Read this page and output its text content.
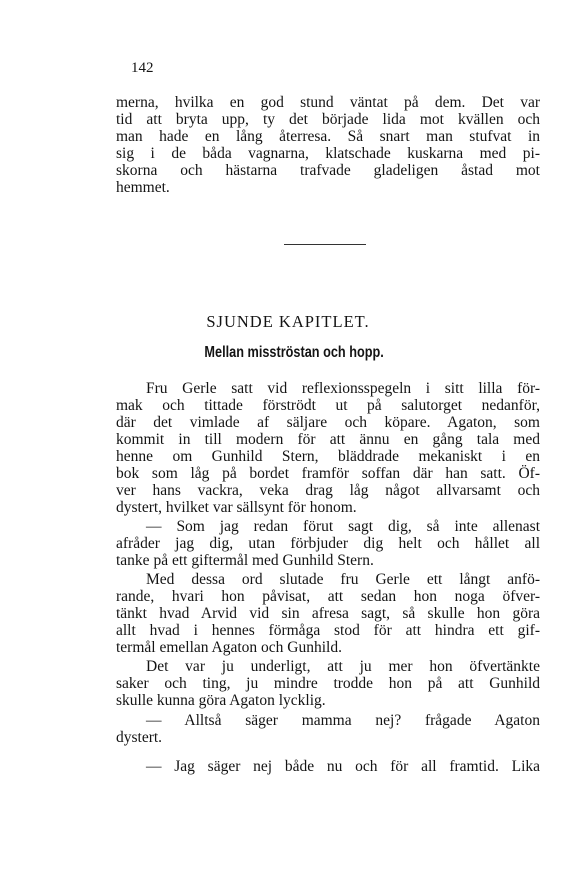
142
merna, hvilka en god stund väntat på dem. Det var
tid att bryta upp, ty det började lida mot kvällen och
man hade en lång återresa. Så snart man stufvat in
sig i de båda vagnarna, klatschade kuskarna med pi-
skorna och hästarna trafvade gladeligen åstad mot
hemmet.
SJUNDE KAPITLET.
Mellan misströstan och hopp.
Fru Gerle satt vid reflexionsspegeln i sitt lilla för-
mak och tittade förströdt ut på salutorget nedanför,
där det vimlade af säljare och köpare. Agaton, som
kommit in till modern för att ännu en gång tala med
henne om Gunhild Stern, bläddrade mekaniskt i en
bok som låg på bordet framför soffan där han satt. Öf-
ver hans vackra, veka drag låg något allvarsamt och
dystert, hvilket var sällsynt för honom.
— Som jag redan förut sagt dig, så inte allenast
afråder jag dig, utan förbjuder dig helt och hållet all
tanke på ett giftermål med Gunhild Stern.
Med dessa ord slutade fru Gerle ett långt anfö-
rande, hvari hon påvisat, att sedan hon noga öfver-
tänkt hvad Arvid vid sin afresa sagt, så skulle hon göra
allt hvad i hennes förmåga stod för att hindra ett gif-
termål emellan Agaton och Gunhild.
Det var ju underligt, att ju mer hon öfvertänkte
saker och ting, ju mindre trodde hon på att Gunhild
skulle kunna göra Agaton lycklig.
— Alltså säger mamma nej? frågade Agaton
dystert.
— Jag säger nej både nu och för all framtid. Lika
